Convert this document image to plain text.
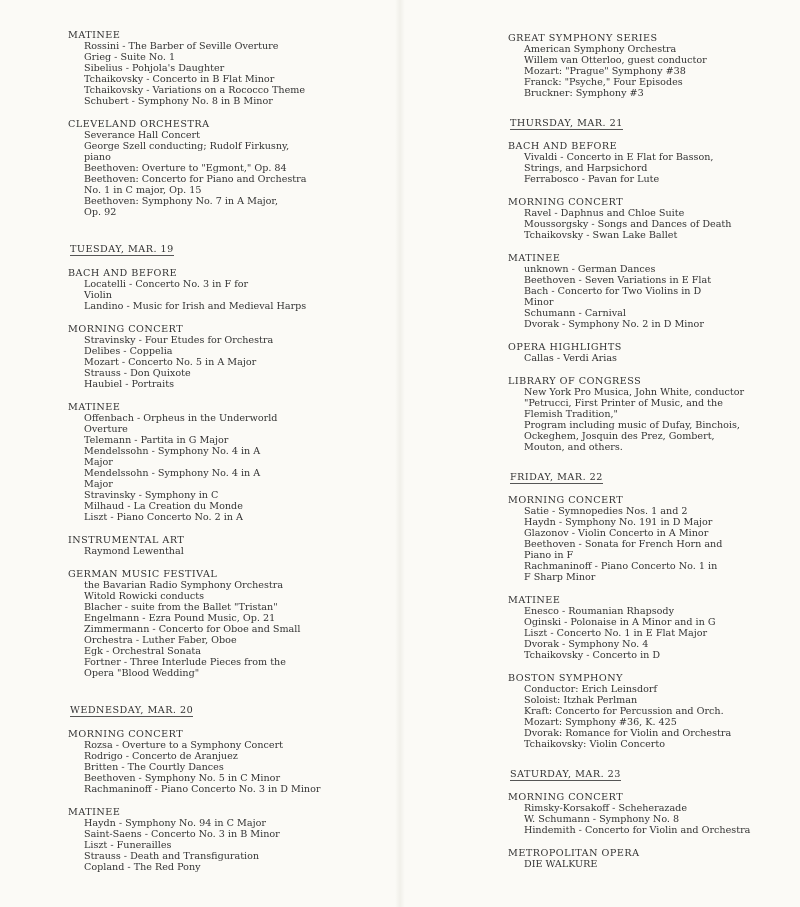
MATINEE
Rossini - The Barber of Seville Overture
Grieg - Suite No. 1
Sibelius - Pohjola's Daughter
Tchaikovsky - Concerto in B Flat Minor
Tchaikovsky - Variations on a Rococco Theme
Schubert - Symphony No. 8 in B Minor
CLEVELAND ORCHESTRA
Severance Hall Concert
George Szell conducting; Rudolf Firkusny,
piano
Beethoven: Overture to "Egmont," Op. 84
Beethoven: Concerto for Piano and Orchestra
No. 1 in C major, Op. 15
Beethoven: Symphony No. 7 in A Major,
Op. 92
TUESDAY, MAR. 19
BACH AND BEFORE
Locatelli - Concerto No. 3 in F for
Violin
Landino - Music for Irish and Medieval Harps
MORNING CONCERT
Stravinsky - Four Etudes for Orchestra
Delibes - Coppelia
Mozart - Concerto No. 5 in A Major
Strauss - Don Quixote
Haubiel - Portraits
MATINEE
Offenbach - Orpheus in the Underworld
Overture
Telemann - Partita in G Major
Mendelssohn - Symphony No. 4 in A
Major
Mendelssohn - Symphony No. 4 in A
Major
Stravinsky - Symphony in C
Milhaud - La Creation du Monde
Liszt - Piano Concerto No. 2 in A
INSTRUMENTAL ART
Raymond Lewenthal
GERMAN MUSIC FESTIVAL
the Bavarian Radio Symphony Orchestra
Witold Rowicki conducts
Blacher - suite from the Ballet "Tristan"
Engelmann - Ezra Pound Music, Op. 21
Zimmermann - Concerto for Oboe and Small
Orchestra - Luther Faber, Oboe
Egk - Orchestral Sonata
Fortner - Three Interlude Pieces from the
Opera "Blood Wedding"
WEDNESDAY, MAR. 20
MORNING CONCERT
Rozsa - Overture to a Symphony Concert
Rodrigo - Concerto de Aranjuez
Britten - The Courtly Dances
Beethoven - Symphony No. 5 in C Minor
Rachmaninoff - Piano Concerto No. 3 in D Minor
MATINEE
Haydn - Symphony No. 94 in C Major
Saint-Saens - Concerto No. 3 in B Minor
Liszt - Funerailles
Strauss - Death and Transfiguration
Copland - The Red Pony
GREAT SYMPHONY SERIES
American Symphony Orchestra
Willem van Otterloo, guest conductor
Mozart: "Prague" Symphony #38
Franck: "Psyche," Four Episodes
Bruckner: Symphony #3
THURSDAY, MAR. 21
BACH AND BEFORE
Vivaldi - Concerto in E Flat for Basson,
Strings, and Harpsichord
Ferrabosco - Pavan for Lute
MORNING CONCERT
Ravel - Daphnus and Chloe Suite
Moussorgsky - Songs and Dances of Death
Tchaikovsky - Swan Lake Ballet
MATINEE
unknown - German Dances
Beethoven - Seven Variations in E Flat
Bach - Concerto for Two Violins in D
Minor
Schumann - Carnival
Dvorak - Symphony No. 2 in D Minor
OPERA HIGHLIGHTS
Callas - Verdi Arias
LIBRARY OF CONGRESS
New York Pro Musica, John White, conductor
"Petrucci, First Printer of Music, and the
Flemish Tradition,"
Program including music of Dufay, Binchois,
Ockeghem, Josquin des Prez, Gombert,
Mouton, and others.
FRIDAY, MAR. 22
MORNING CONCERT
Satie - Symnopedies Nos. 1 and 2
Haydn - Symphony No. 191 in D Major
Glazonov - Violin Concerto in A Minor
Beethoven - Sonata for French Horn and
Piano in F
Rachmaninoff - Piano Concerto No. 1 in
F Sharp Minor
MATINEE
Enesco - Roumanian Rhapsody
Oginski - Polonaise in A Minor and in G
Liszt - Concerto No. 1 in E Flat Major
Dvorak - Symphony No. 4
Tchaikovsky - Concerto in D
BOSTON SYMPHONY
Conductor: Erich Leinsdorf
Soloist: Itzhak Perlman
Kraft: Concerto for Percussion and Orch.
Mozart: Symphony #36, K. 425
Dvorak: Romance for Violin and Orchestra
Tchaikovsky: Violin Concerto
SATURDAY, MAR. 23
MORNING CONCERT
Rimsky-Korsakoff - Scheherazade
W. Schumann - Symphony No. 8
Hindemith - Concerto for Violin and Orchestra
METROPOLITAN OPERA
DIE WALKURE
